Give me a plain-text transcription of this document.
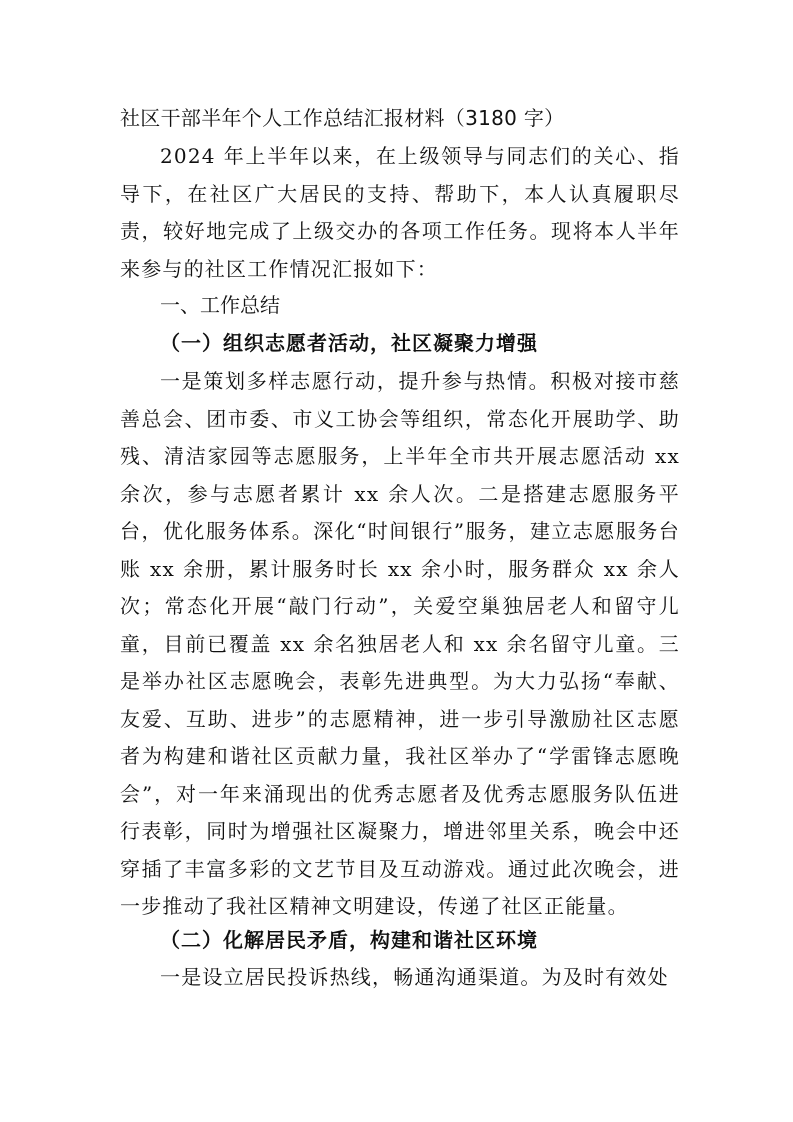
社区干部半年个人工作总结汇报材料（3180 字）
2024 年上半年以来，在上级领导与同志们的关心、指导下，在社区广大居民的支持、帮助下，本人认真履职尽责，较好地完成了上级交办的各项工作任务。现将本人半年来参与的社区工作情况汇报如下：
一、工作总结
（一）组织志愿者活动，社区凝聚力增强
一是策划多样志愿行动，提升参与热情。积极对接市慈善总会、团市委、市义工协会等组织，常态化开展助学、助残、清洁家园等志愿服务，上半年全市共开展志愿活动 xx 余次，参与志愿者累计 xx 余人次。二是搭建志愿服务平台，优化服务体系。深化“时间银行”服务，建立志愿服务台账 xx 余册，累计服务时长 xx 余小时，服务群众 xx 余人次；常态化开展“敲门行动”，关爱空巢独居老人和留守儿童，目前已覆盖 xx 余名独居老人和 xx 余名留守儿童。三是举办社区志愿晚会，表彰先进典型。为大力弘扬“奉献、友爱、互助、进步”的志愿精神，进一步引导激励社区志愿者为构建和谐社区贡献力量，我社区举办了“学雷锋志愿晚会”，对一年来涌现出的优秀志愿者及优秀志愿服务队伍进行表彰，同时为增强社区凝聚力，增进邻里关系，晚会中还穿插了丰富多彩的文艺节目及互动游戏。通过此次晚会，进一步推动了我社区精神文明建设，传递了社区正能量。
（二）化解居民矛盾，构建和谐社区环境
一是设立居民投诉热线，畅通沟通渠道。为及时有效处
